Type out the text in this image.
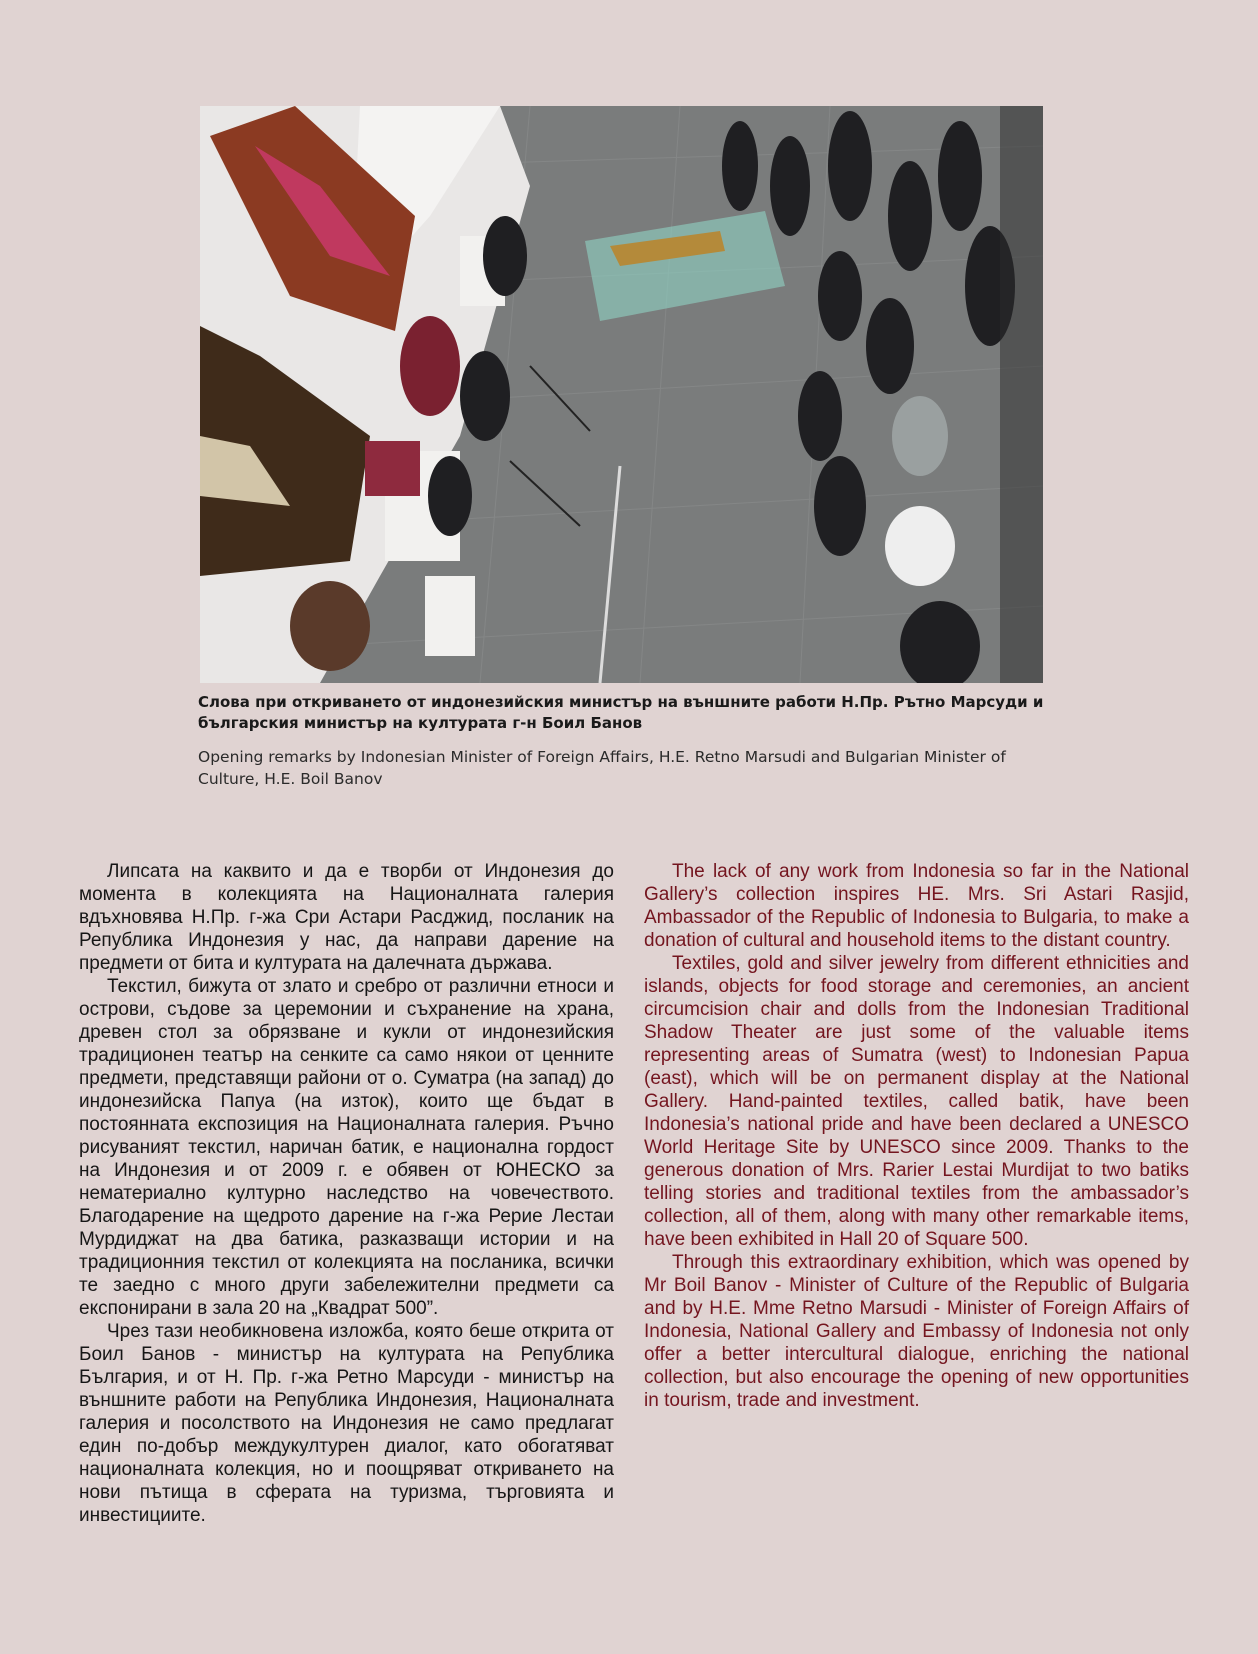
Слова при откриването от индонезийския министър на външните работи Н.Пр. Рътно Марсуди и българския министър на културата г-н Боил Банов

Opening remarks by Indonesian Minister of Foreign Affairs, H.E. Retno Marsudi and Bulgarian Minister of Culture, H.E. Boil Banov

Липсата на каквито и да е творби от Индонезия до момента в колекцията на Националната галерия вдъхновява Н.Пр. г-жа Сри Астари Расджид, посланик на Република Индонезия у нас, да направи дарение на предмети от бита и културата на далечната държава.

Текстил, бижута от злато и сребро от различни етноси и острови, съдове за церемонии и съхранение на храна, древен стол за обрязване и кукли от индонезийския традиционен театър на сенките са само някои от ценните предмети, представящи райони от о. Суматра (на запад) до индонезийска Папуа (на изток), които ще бъдат в постоянната експозиция на Националната галерия. Ръчно рисуваният текстил, наричан батик, е национална гордост на Индонезия и от 2009 г. е обявен от ЮНЕСКО за нематериално културно наследство на човечеството. Благодарение на щедрото дарение на г-жа Рерие Лестаи Мурдиджат на два батика, разказващи истории и на традиционния текстил от колекцията на посланика, всички те заедно с много други забележителни предмети са експонирани в зала 20 на „Квадрат 500”.

Чрез тази необикновена изложба, която беше открита от Боил Банов - министър на културата на Република България, и от Н. Пр. г-жа Ретно Марсуди - министър на външните работи на Република Индонезия, Националната галерия и посолството на Индонезия не само предлагат един по-добър междукултурен диалог, като обогатяват националната колекция, но и поощряват откриването на нови пътища в сферата на туризма, търговията и инвестициите.

The lack of any work from Indonesia so far in the National Gallery’s collection inspires HE. Mrs. Sri Astari Rasjid, Ambassador of the Republic of Indonesia to Bulgaria, to make a donation of cultural and household items to the distant country.

Textiles, gold and silver jewelry from different ethnicities and islands, objects for food storage and ceremonies, an ancient circumcision chair and dolls from the Indonesian Traditional Shadow Theater are just some of the valuable items representing areas of Sumatra (west) to Indonesian Papua (east), which will be on permanent display at the National Gallery. Hand-painted textiles, called batik, have been Indonesia’s national pride and have been declared a UNESCO World Heritage Site by UNESCO since 2009. Thanks to the generous donation of Mrs. Rarier Lestai Murdijat to two batiks telling stories and traditional textiles from the ambassador’s collection, all of them, along with many other remarkable items, have been exhibited in Hall 20 of Square 500.

Through this extraordinary exhibition, which was opened by Mr Boil Banov - Minister of Culture of the Republic of Bulgaria and by H.E. Mme Retno Marsudi - Minister of Foreign Affairs of Indonesia, National Gallery and Embassy of Indonesia not only offer a better intercultural dialogue, enriching the national collection, but also encourage the opening of new opportunities in tourism, trade and investment.
